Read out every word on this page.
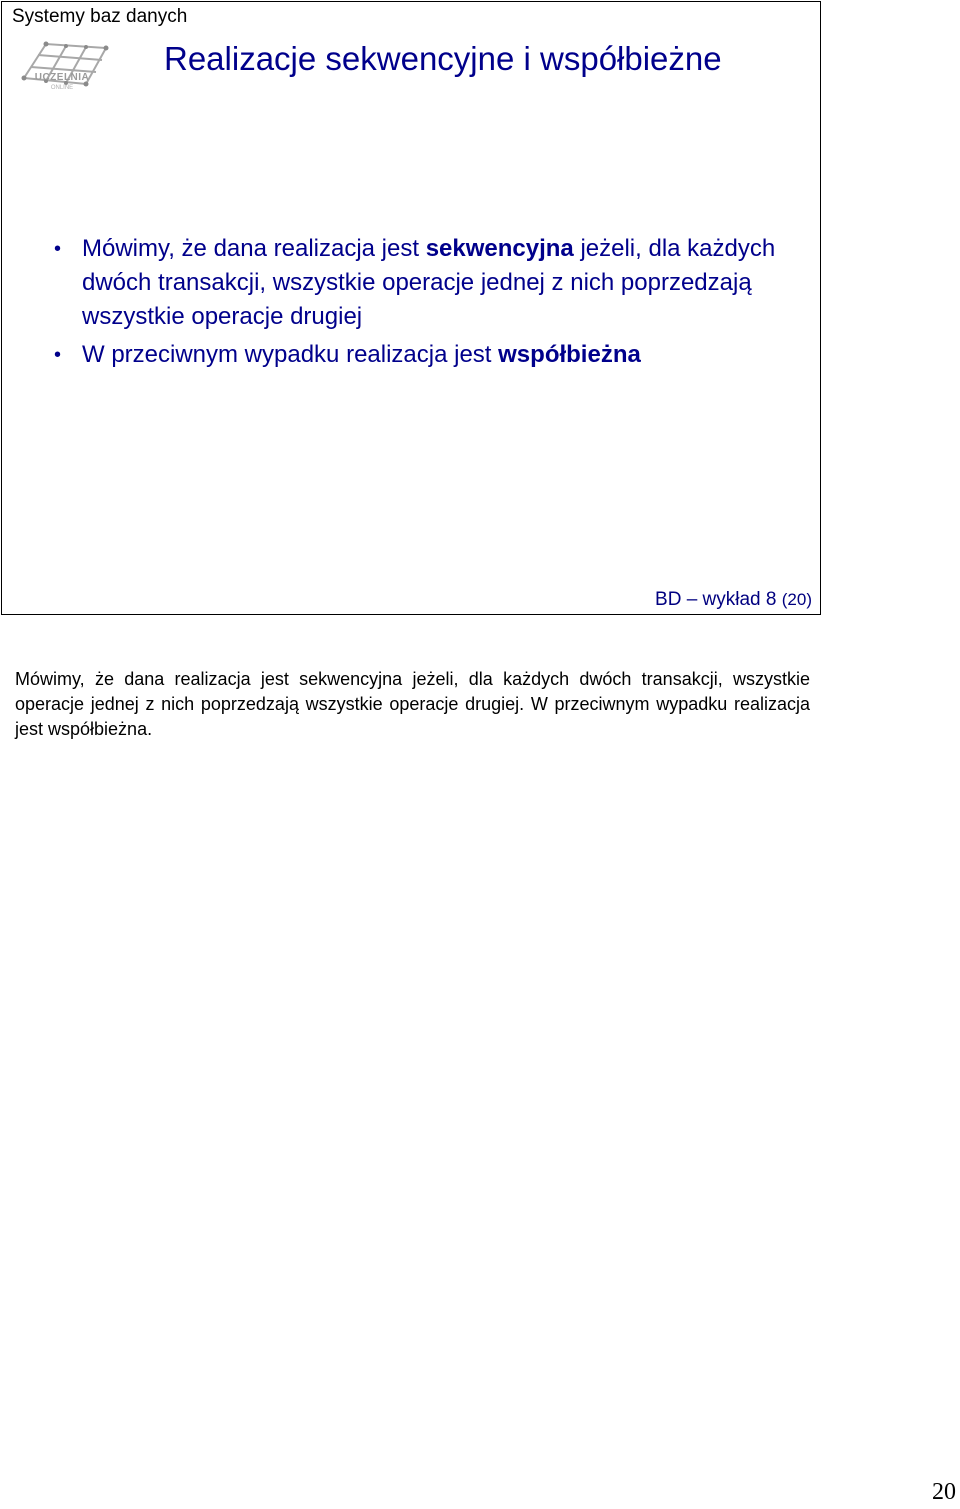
Systemy baz danych
UCZELNIA
ONLINE
Realizacje sekwencyjne i współbieżne
• Mówimy, że dana realizacja jest sekwencyjna jeżeli, dla każdych dwóch transakcji, wszystkie operacje jednej z nich poprzedzają wszystkie operacje drugiej
• W przeciwnym wypadku realizacja jest współbieżna
BD – wykład 8 (20)
Mówimy, że dana realizacja jest sekwencyjna jeżeli, dla każdych dwóch transakcji, wszystkie operacje jednej z nich poprzedzają wszystkie operacje drugiej. W przeciwnym wypadku realizacja jest współbieżna.
20
